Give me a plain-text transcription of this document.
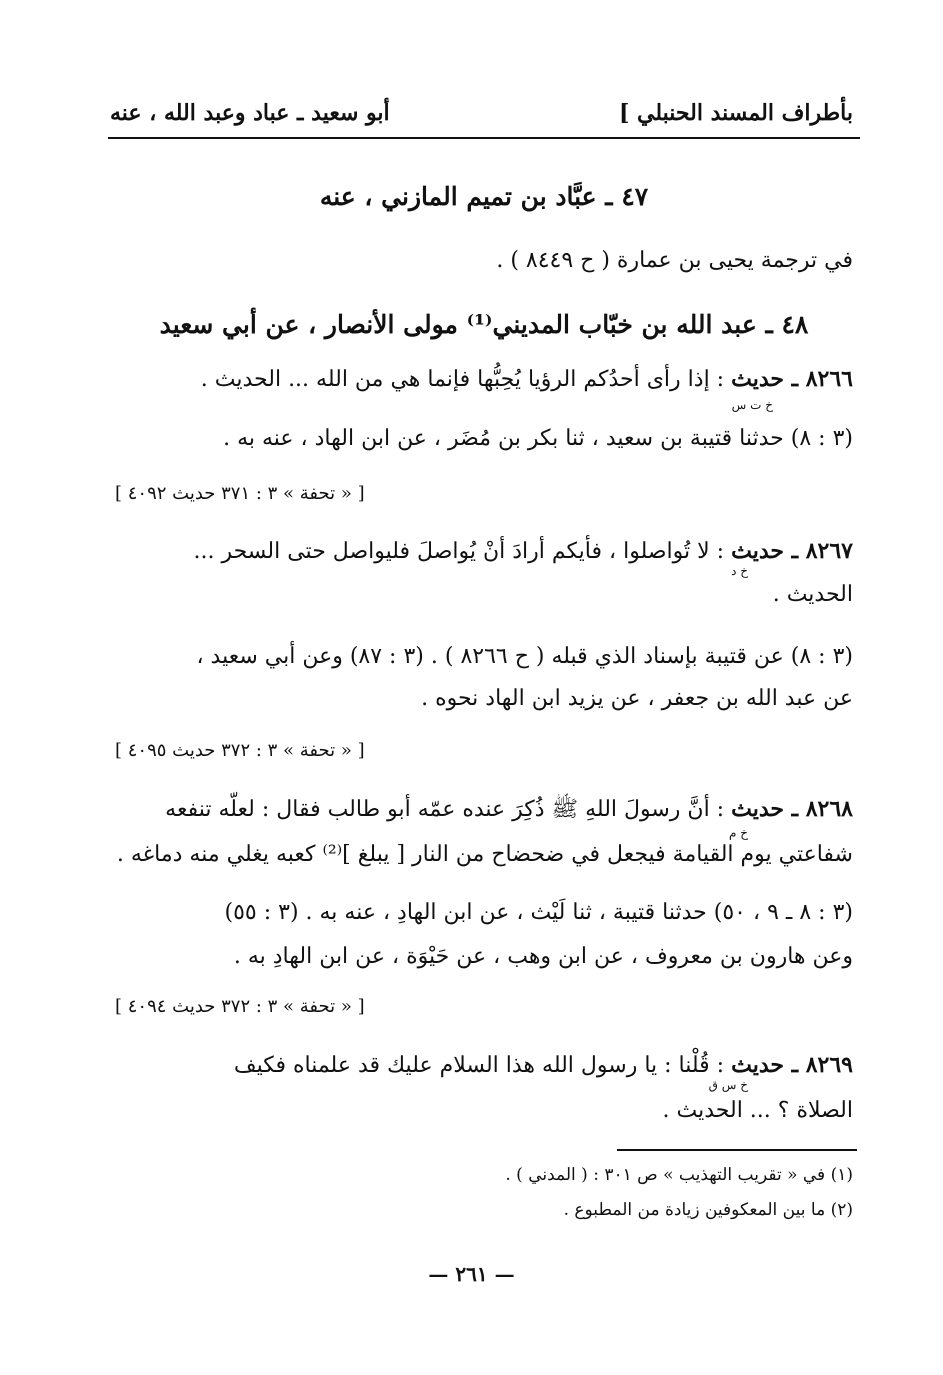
بأطراف المسند الحنبلي ]
أبو سعيد ـ عباد وعبد الله ، عنه
٤٧ ـ عبَّاد بن تميم المازني ، عنه
في ترجمة يحيى بن عمارة ( ح ٨٤٤٩ ) .
٤٨ ـ عبد الله بن خبّاب المديني⁽¹⁾ مولى الأنصار ، عن أبي سعيد
٨٢٦٦ ـ حديث : إذا رأى أحدُكم الرؤيا يُحِبُّها فإنما هي من الله ... الحديث .
خ ت س
(٣ : ٨) حدثنا قتيبة بن سعيد ، ثنا بكر بن مُضَر ، عن ابن الهاد ، عنه به .
[ « تحفة » ٣ : ٣٧١ حديث ٤٠٩٢ ]
٨٢٦٧ ـ حديث : لا تُواصلوا ، فأيكم أرادَ أنْ يُواصلَ فليواصل حتى السحر ...
خ د
الحديث .
(٣ : ٨) عن قتيبة بإسناد الذي قبله ( ح ٨٢٦٦ ) . (٣ : ٨٧) وعن أبي سعيد ،
عن عبد الله بن جعفر ، عن يزيد ابن الهاد نحوه .
[ « تحفة » ٣ : ٣٧٢ حديث ٤٠٩٥ ]
٨٢٦٨ ـ حديث : أنَّ رسولَ اللهِ ﷺ ذُكِرَ عنده عمّه أبو طالب فقال : لعلّه تنفعه
خ م
شفاعتي يوم القيامة فيجعل في ضحضاح من النار [ يبلغ ]⁽²⁾ كعبه يغلي منه دماغه .
(٣ : ٨ ـ ٩ ، ٥٠) حدثنا قتيبة ، ثنا لَيْث ، عن ابن الهادِ ، عنه به . (٣ : ٥٥)
وعن هارون بن معروف ، عن ابن وهب ، عن حَيْوَة ، عن ابن الهادِ به .
[ « تحفة » ٣ : ٣٧٢ حديث ٤٠٩٤ ]
٨٢٦٩ ـ حديث : قُلْنا : يا رسول الله هذا السلام عليك قد علمناه فكيف
خ س ق
الصلاة ؟ ... الحديث .
(١) في « تقريب التهذيب » ص ٣٠١ : ( المدني ) .
(٢) ما بين المعكوفين زيادة من المطبوع .
— ٢٦١ —
